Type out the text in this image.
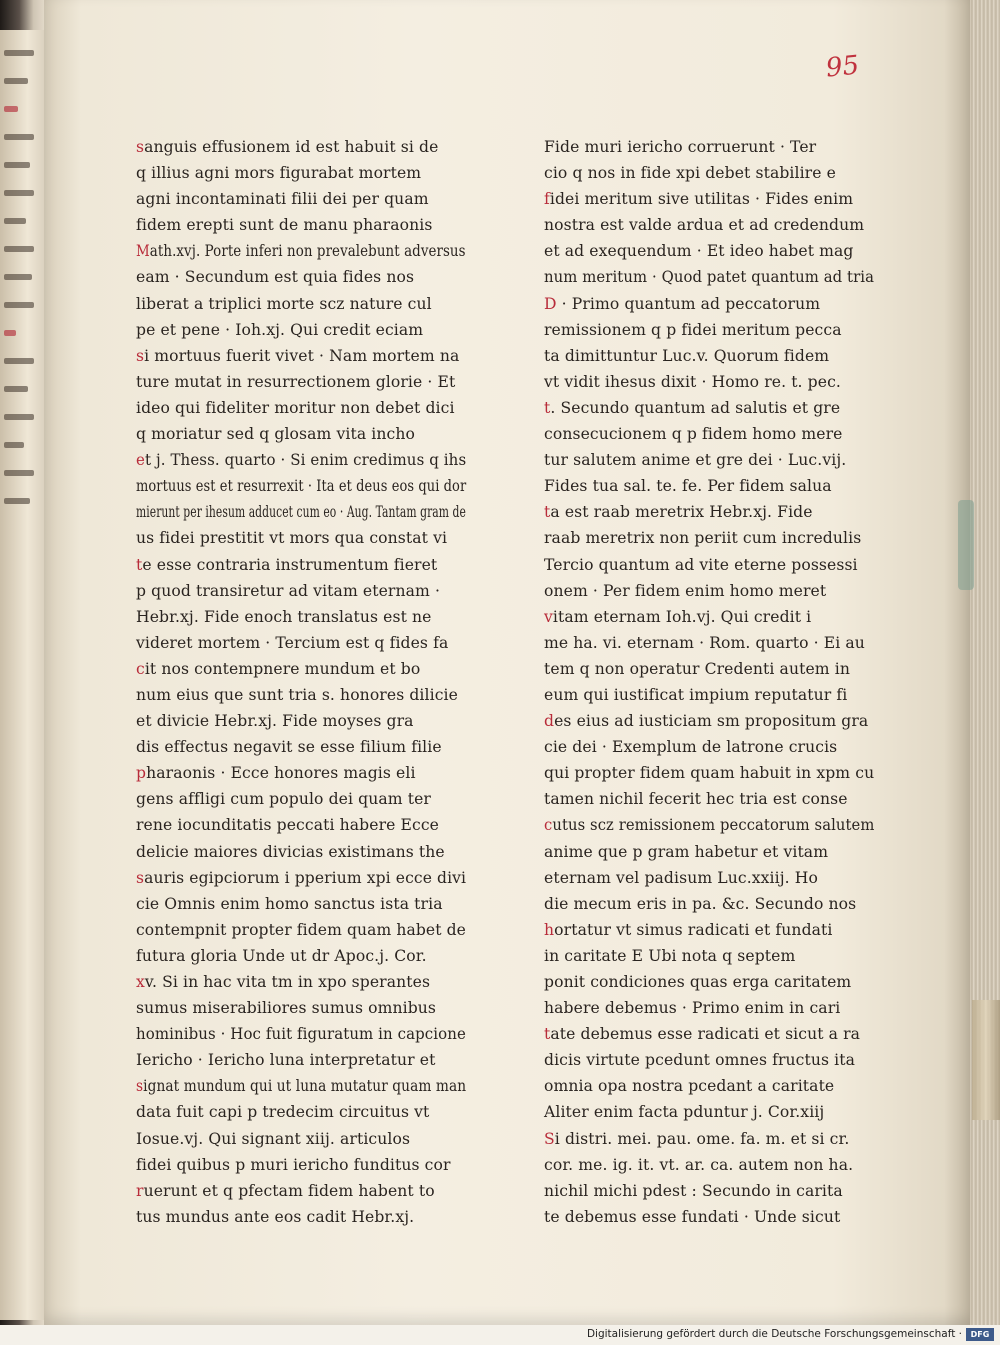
95
sanguis effusionem id est habuit si de
q illius agni mors figurabat mortem
agni incontaminati filii dei per quam
fidem erepti sunt de manu pharaonis
Math.xvj. Porte inferi non prevalebunt adversus
eam · Secundum est quia fides nos
liberat a triplici morte scz nature cul
pe et pene · Ioh.xj. Qui credit eciam
si mortuus fuerit vivet · Nam mortem na
ture mutat in resurrectionem glorie · Et
ideo qui fideliter moritur non debet dici
q moriatur sed q glosam vita incho
et j. Thess. quarto · Si enim credimus q ihs
mortuus est et resurrexit · Ita et deus eos qui dor
mierunt per ihesum adducet cum eo · Aug. Tantam gram de
us fidei prestitit vt mors qua constat vi
te esse contraria instrumentum fieret
p quod transiretur ad vitam eternam ·
Hebr.xj. Fide enoch translatus est ne
videret mortem · Tercium est q fides fa
cit nos contempnere mundum et bo
num eius que sunt tria s. honores dilicie
et divicie Hebr.xj. Fide moyses gra
dis effectus negavit se esse filium filie
pharaonis · Ecce honores magis eli
gens affligi cum populo dei quam ter
rene iocunditatis peccati habere Ecce
delicie maiores divicias existimans the
sauris egipciorum i pperium xpi ecce divi
cie Omnis enim homo sanctus ista tria
contempnit propter fidem quam habet de
futura gloria Unde ut dr Apoc.j. Cor.
xv. Si in hac vita tm in xpo sperantes
sumus miserabiliores sumus omnibus
hominibus · Hoc fuit figuratum in capcione
Iericho · Iericho luna interpretatur et
signat mundum qui ut luna mutatur quam man
data fuit capi p tredecim circuitus vt
Iosue.vj. Qui signant xiij. articulos
fidei quibus p muri iericho funditus cor
ruerunt et q pfectam fidem habent to
tus mundus ante eos cadit Hebr.xj.
Fide muri iericho corruerunt · Ter
cio q nos in fide xpi debet stabilire e
fidei meritum sive utilitas · Fides enim
nostra est valde ardua et ad credendum
et ad exequendum · Et ideo habet mag
num meritum · Quod patet quantum ad tria
D · Primo quantum ad peccatorum
remissionem q p fidei meritum pecca
ta dimittuntur Luc.v. Quorum fidem
vt vidit ihesus dixit · Homo re. t. pec.
t. Secundo quantum ad salutis et gre
consecucionem q p fidem homo mere
tur salutem anime et gre dei · Luc.vij.
Fides tua sal. te. fe. Per fidem salua
ta est raab meretrix Hebr.xj. Fide
raab meretrix non periit cum incredulis
Tercio quantum ad vite eterne possessi
onem · Per fidem enim homo meret
vitam eternam Ioh.vj. Qui credit i
me ha. vi. eternam · Rom. quarto · Ei au
tem q non operatur Credenti autem in
eum qui iustificat impium reputatur fi
des eius ad iusticiam sm propositum gra
cie dei · Exemplum de latrone crucis
qui propter fidem quam habuit in xpm cu
tamen nichil fecerit hec tria est conse
cutus scz remissionem peccatorum salutem
anime que p gram habetur et vitam
eternam vel padisum Luc.xxiij. Ho
die mecum eris in pa. &c. Secundo nos
hortatur vt simus radicati et fundati
in caritate E Ubi nota q septem
ponit condiciones quas erga caritatem
habere debemus · Primo enim in cari
tate debemus esse radicati et sicut a ra
dicis virtute pcedunt omnes fructus ita
omnia opa nostra pcedant a caritate
Aliter enim facta pduntur j. Cor.xiij
Si distri. mei. pau. ome. fa. m. et si cr.
cor. me. ig. it. vt. ar. ca. autem non ha.
nichil michi pdest : Secundo in carita
te debemus esse fundati · Unde sicut
Digitalisierung gefördert durch die Deutsche Forschungsgemeinschaft ·	DFG
